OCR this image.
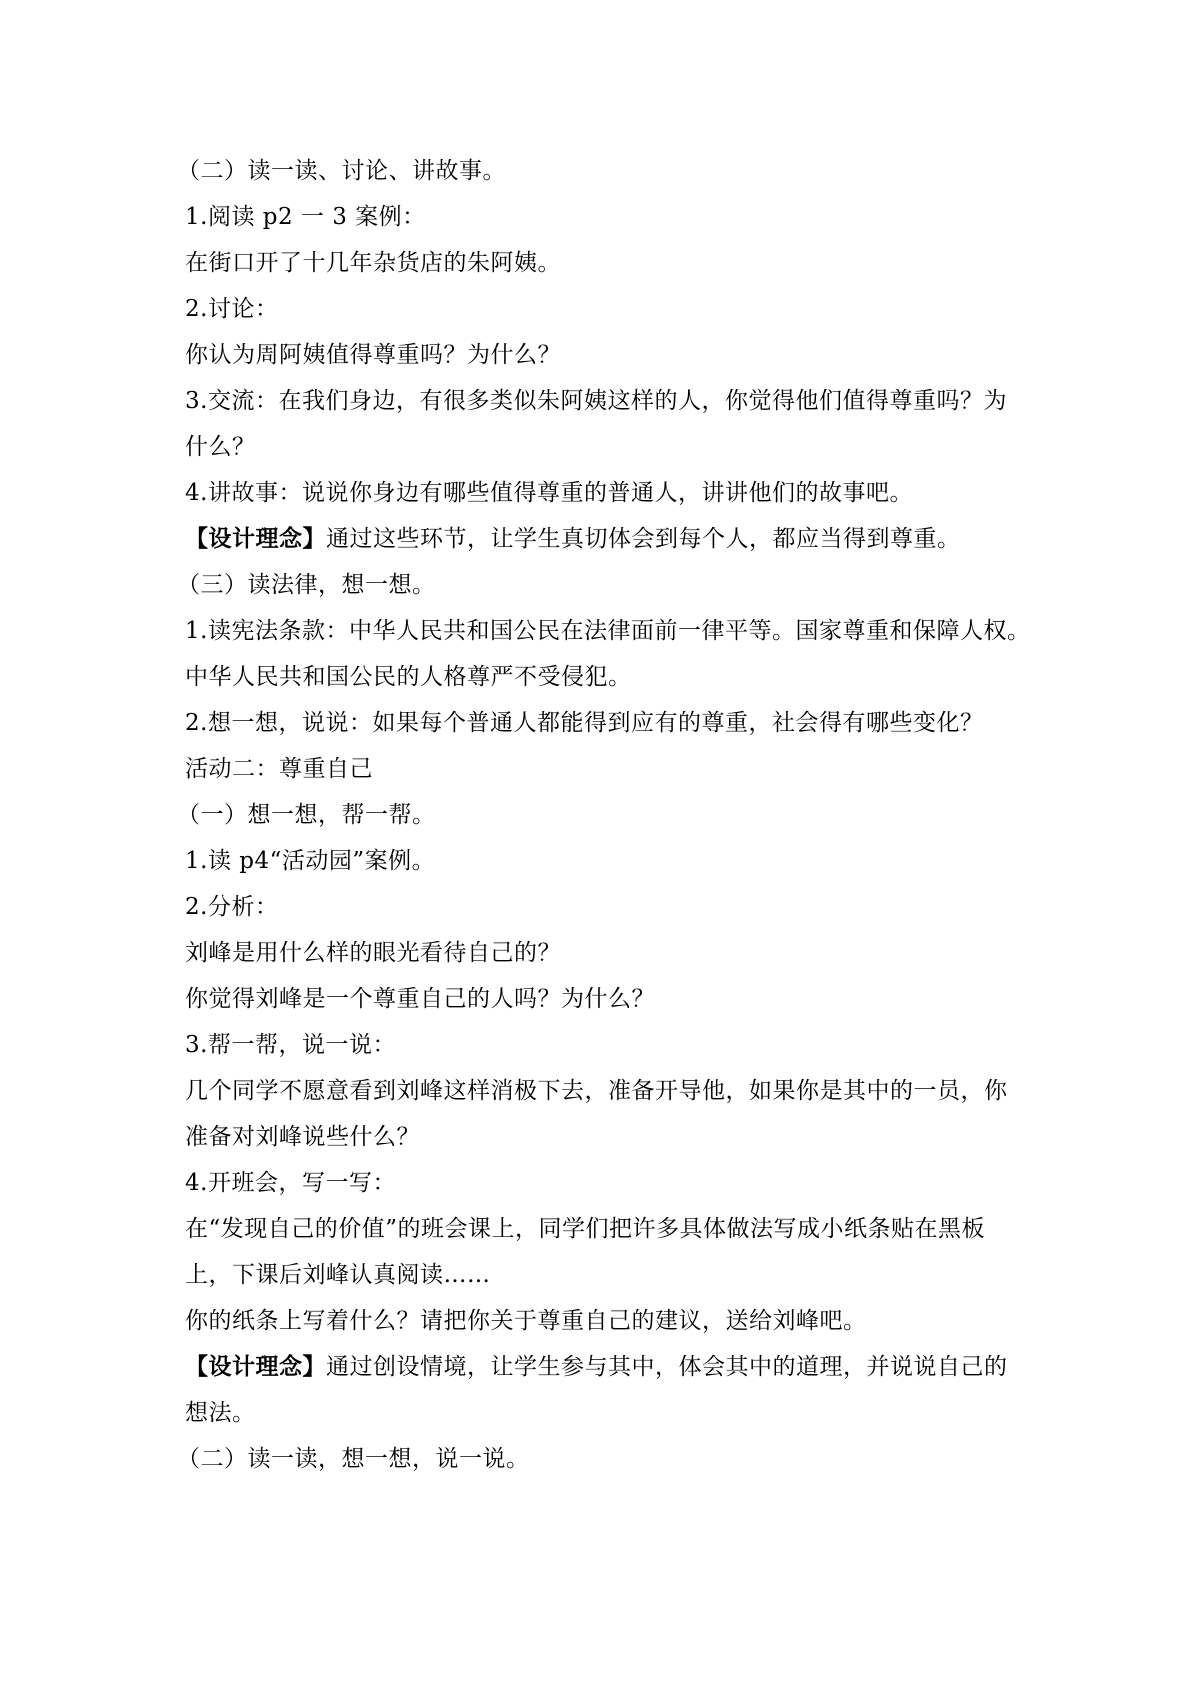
（二）读一读、讨论、讲故事。
1.阅读 p2 一 3 案例：
在街口开了十几年杂货店的朱阿姨。
2.讨论：
你认为周阿姨值得尊重吗？为什么？
3.交流：在我们身边，有很多类似朱阿姨这样的人，你觉得他们值得尊重吗？为
什么？
4.讲故事：说说你身边有哪些值得尊重的普通人，讲讲他们的故事吧。
【设计理念】通过这些环节，让学生真切体会到每个人，都应当得到尊重。
（三）读法律，想一想。
1.读宪法条款：中华人民共和国公民在法律面前一律平等。国家尊重和保障人权。
中华人民共和国公民的人格尊严不受侵犯。
2.想一想，说说：如果每个普通人都能得到应有的尊重，社会得有哪些变化？
活动二：尊重自己
（一）想一想，帮一帮。
1.读 p4“活动园”案例。
2.分析：
刘峰是用什么样的眼光看待自己的？
你觉得刘峰是一个尊重自己的人吗？为什么？
3.帮一帮，说一说：
几个同学不愿意看到刘峰这样消极下去，准备开导他，如果你是其中的一员，你
准备对刘峰说些什么？
4.开班会，写一写：
在“发现自己的价值”的班会课上，同学们把许多具体做法写成小纸条贴在黑板
上，下课后刘峰认真阅读……
你的纸条上写着什么？请把你关于尊重自己的建议，送给刘峰吧。
【设计理念】通过创设情境，让学生参与其中，体会其中的道理，并说说自己的
想法。
（二）读一读，想一想，说一说。
